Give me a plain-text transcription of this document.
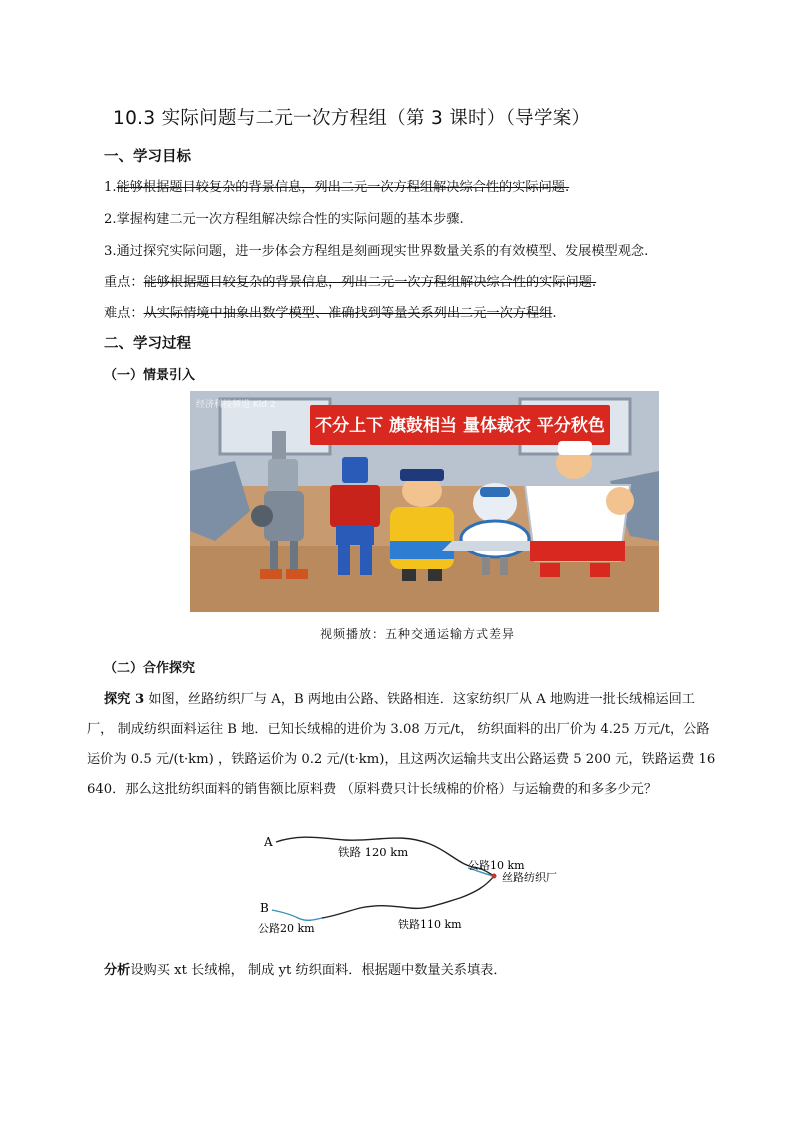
10.3 实际问题与二元一次方程组（第 3 课时）（导学案）
一、学习目标
1.能够根据题目较复杂的背景信息，列出二元一次方程组解决综合性的实际问题.
2.掌握构建二元一次方程组解决综合性的实际问题的基本步骤.
3.通过探究实际问题，进一步体会方程组是刻画现实世界数量关系的有效模型、发展模型观念.
重点：能够根据题目较复杂的背景信息，列出二元一次方程组解决综合性的实际问题.
难点：从实际情境中抽象出数学模型、准确找到等量关系列出二元一次方程组.
二、学习过程
（一）情景引入
不分上下 旗鼓相当 量体裁衣 平分秋色
经济科技频道 Kid 2
视频播放：五种交通运输方式差异
（二）合作探究
探究 3 如图，丝路纺织厂与 A，B 两地由公路、铁路相连．这家纺织厂从 A 地购进一批长绒棉运回工
厂， 制成纺织面料运往 B 地．已知长绒棉的进价为 3.08 万元/t， 纺织面料的出厂价为 4.25 万元/t，公路
运价为 0.5 元/(t·km) ，铁路运价为 0.2 元/(t·km)，且这两次运输共支出公路运费 5 200 元，铁路运费 16
640．那么这批纺织面料的销售额比原料费 （原料费只计长绒棉的价格）与运输费的和多多少元？
A
B
铁路 120 km
公路10 km
丝路纺织厂
铁路110 km
公路20 km
分析设购买 xt 长绒棉， 制成 yt 纺织面料．根据题中数量关系填表．
